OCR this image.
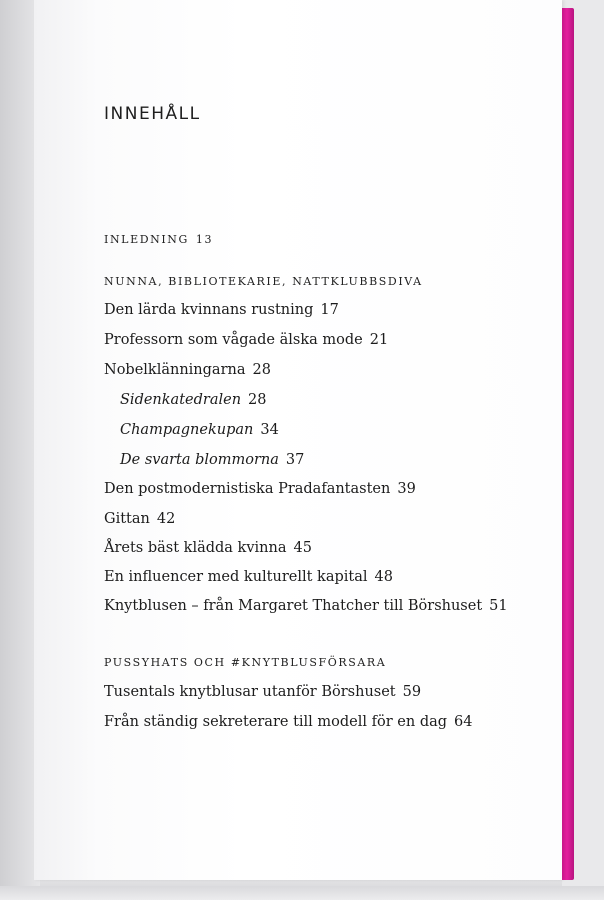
INNEHÅLL
INLEDNING 13
NUNNA, BIBLIOTEKARIE, NATTKLUBBSDIVA
Den lärda kvinnans rustning 17
Professorn som vågade älska mode 21
Nobelklänningarna 28
Sidenkatedralen 28
Champagnekupan 34
De svarta blommorna 37
Den postmodernistiska Pradafantasten 39
Gittan 42
Årets bäst klädda kvinna 45
En influencer med kulturellt kapital 48
Knytblusen – från Margaret Thatcher till Börshuset 51
PUSSYHATS OCH #KNYTBLUSFÖRSARA
Tusentals knytblusar utanför Börshuset 59
Från ständig sekreterare till modell för en dag 64
